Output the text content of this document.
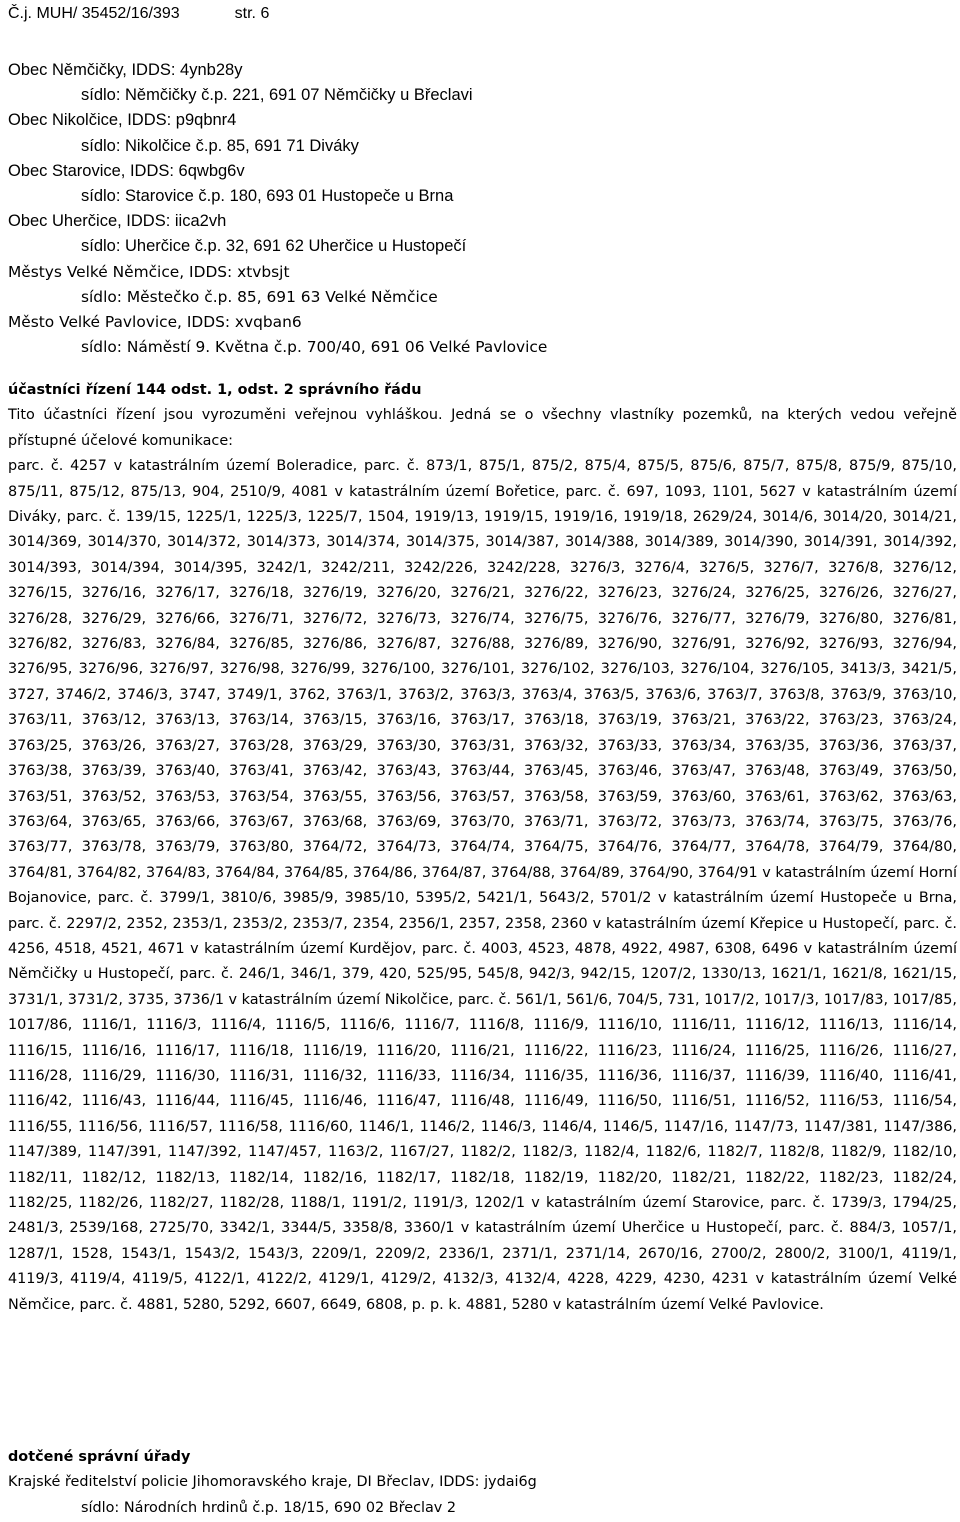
Č.j. MUH/ 35452/16/393	str. 6
Obec Němčičky, IDDS: 4ynb28y
sídlo: Němčičky č.p. 221, 691 07 Němčičky u Břeclavi
Obec Nikolčice, IDDS: p9qbnr4
sídlo: Nikolčice č.p. 85, 691 71 Diváky
Obec Starovice, IDDS: 6qwbg6v
sídlo: Starovice č.p. 180, 693 01 Hustopeče u Brna
Obec Uherčice, IDDS: iica2vh
sídlo: Uherčice č.p. 32, 691 62 Uherčice u Hustopečí
Městys Velké Němčice, IDDS: xtvbsjt
sídlo: Městečko č.p. 85, 691 63 Velké Němčice
Město Velké Pavlovice, IDDS: xvqban6
sídlo: Náměstí 9. Května č.p. 700/40, 691 06 Velké Pavlovice

účastníci řízení 144 odst. 1, odst. 2 správního řádu

Tito účastníci řízení jsou vyrozuměni veřejnou vyhláškou. Jedná se o všechny vlastníky pozemků, na kterých vedou veřejně přístupné účelové komunikace:

parc. č. 4257 v katastrálním území Boleradice, parc. č. 873/1, 875/1, 875/2, 875/4, 875/5, 875/6, 875/7, 875/8, 875/9, 875/10, 875/11, 875/12, 875/13, 904, 2510/9, 4081 v katastrálním území Bořetice, parc. č. 697, 1093, 1101, 5627 v katastrálním území Diváky, parc. č. 139/15, 1225/1, 1225/3, 1225/7, 1504, 1919/13, 1919/15, 1919/16, 1919/18, 2629/24, 3014/6, 3014/20, 3014/21, 3014/369, 3014/370, 3014/372, 3014/373, 3014/374, 3014/375, 3014/387, 3014/388, 3014/389, 3014/390, 3014/391, 3014/392, 3014/393, 3014/394, 3014/395, 3242/1, 3242/211, 3242/226, 3242/228, 3276/3, 3276/4, 3276/5, 3276/7, 3276/8, 3276/12, 3276/15, 3276/16, 3276/17, 3276/18, 3276/19, 3276/20, 3276/21, 3276/22, 3276/23, 3276/24, 3276/25, 3276/26, 3276/27, 3276/28, 3276/29, 3276/66, 3276/71, 3276/72, 3276/73, 3276/74, 3276/75, 3276/76, 3276/77, 3276/79, 3276/80, 3276/81, 3276/82, 3276/83, 3276/84, 3276/85, 3276/86, 3276/87, 3276/88, 3276/89, 3276/90, 3276/91, 3276/92, 3276/93, 3276/94, 3276/95, 3276/96, 3276/97, 3276/98, 3276/99, 3276/100, 3276/101, 3276/102, 3276/103, 3276/104, 3276/105, 3413/3, 3421/5, 3727, 3746/2, 3746/3, 3747, 3749/1, 3762, 3763/1, 3763/2, 3763/3, 3763/4, 3763/5, 3763/6, 3763/7, 3763/8, 3763/9, 3763/10, 3763/11, 3763/12, 3763/13, 3763/14, 3763/15, 3763/16, 3763/17, 3763/18, 3763/19, 3763/21, 3763/22, 3763/23, 3763/24, 3763/25, 3763/26, 3763/27, 3763/28, 3763/29, 3763/30, 3763/31, 3763/32, 3763/33, 3763/34, 3763/35, 3763/36, 3763/37, 3763/38, 3763/39, 3763/40, 3763/41, 3763/42, 3763/43, 3763/44, 3763/45, 3763/46, 3763/47, 3763/48, 3763/49, 3763/50, 3763/51, 3763/52, 3763/53, 3763/54, 3763/55, 3763/56, 3763/57, 3763/58, 3763/59, 3763/60, 3763/61, 3763/62, 3763/63, 3763/64, 3763/65, 3763/66, 3763/67, 3763/68, 3763/69, 3763/70, 3763/71, 3763/72, 3763/73, 3763/74, 3763/75, 3763/76, 3763/77, 3763/78, 3763/79, 3763/80, 3764/72, 3764/73, 3764/74, 3764/75, 3764/76, 3764/77, 3764/78, 3764/79, 3764/80, 3764/81, 3764/82, 3764/83, 3764/84, 3764/85, 3764/86, 3764/87, 3764/88, 3764/89, 3764/90, 3764/91 v katastrálním území Horní Bojanovice, parc. č. 3799/1, 3810/6, 3985/9, 3985/10, 5395/2, 5421/1, 5643/2, 5701/2 v katastrálním území Hustopeče u Brna, parc. č. 2297/2, 2352, 2353/1, 2353/2, 2353/7, 2354, 2356/1, 2357, 2358, 2360 v katastrálním území Křepice u Hustopečí, parc. č. 4256, 4518, 4521, 4671 v katastrálním území Kurdějov, parc. č. 4003, 4523, 4878, 4922, 4987, 6308, 6496 v katastrálním území Němčičky u Hustopečí, parc. č. 246/1, 346/1, 379, 420, 525/95, 545/8, 942/3, 942/15, 1207/2, 1330/13, 1621/1, 1621/8, 1621/15, 3731/1, 3731/2, 3735, 3736/1 v katastrálním území Nikolčice, parc. č. 561/1, 561/6, 704/5, 731, 1017/2, 1017/3, 1017/83, 1017/85, 1017/86, 1116/1, 1116/3, 1116/4, 1116/5, 1116/6, 1116/7, 1116/8, 1116/9, 1116/10, 1116/11, 1116/12, 1116/13, 1116/14, 1116/15, 1116/16, 1116/17, 1116/18, 1116/19, 1116/20, 1116/21, 1116/22, 1116/23, 1116/24, 1116/25, 1116/26, 1116/27, 1116/28, 1116/29, 1116/30, 1116/31, 1116/32, 1116/33, 1116/34, 1116/35, 1116/36, 1116/37, 1116/39, 1116/40, 1116/41, 1116/42, 1116/43, 1116/44, 1116/45, 1116/46, 1116/47, 1116/48, 1116/49, 1116/50, 1116/51, 1116/52, 1116/53, 1116/54, 1116/55, 1116/56, 1116/57, 1116/58, 1116/60, 1146/1, 1146/2, 1146/3, 1146/4, 1146/5, 1147/16, 1147/73, 1147/381, 1147/386, 1147/389, 1147/391, 1147/392, 1147/457, 1163/2, 1167/27, 1182/2, 1182/3, 1182/4, 1182/6, 1182/7, 1182/8, 1182/9, 1182/10, 1182/11, 1182/12, 1182/13, 1182/14, 1182/16, 1182/17, 1182/18, 1182/19, 1182/20, 1182/21, 1182/22, 1182/23, 1182/24, 1182/25, 1182/26, 1182/27, 1182/28, 1188/1, 1191/2, 1191/3, 1202/1 v katastrálním území Starovice, parc. č. 1739/3, 1794/25, 2481/3, 2539/168, 2725/70, 3342/1, 3344/5, 3358/8, 3360/1 v katastrálním území Uherčice u Hustopečí, parc. č. 884/3, 1057/1, 1287/1, 1528, 1543/1, 1543/2, 1543/3, 2209/1, 2209/2, 2336/1, 2371/1, 2371/14, 2670/16, 2700/2, 2800/2, 3100/1, 4119/1, 4119/3, 4119/4, 4119/5, 4122/1, 4122/2, 4129/1, 4129/2, 4132/3, 4132/4, 4228, 4229, 4230, 4231 v katastrálním území Velké Němčice, parc. č. 4881, 5280, 5292, 6607, 6649, 6808, p. p. k. 4881, 5280 v katastrálním území Velké Pavlovice.

dotčené správní úřady
Krajské ředitelství policie Jihomoravského kraje, DI Břeclav, IDDS: jydai6g
sídlo: Národních hrdinů č.p. 18/15, 690 02 Břeclav 2
